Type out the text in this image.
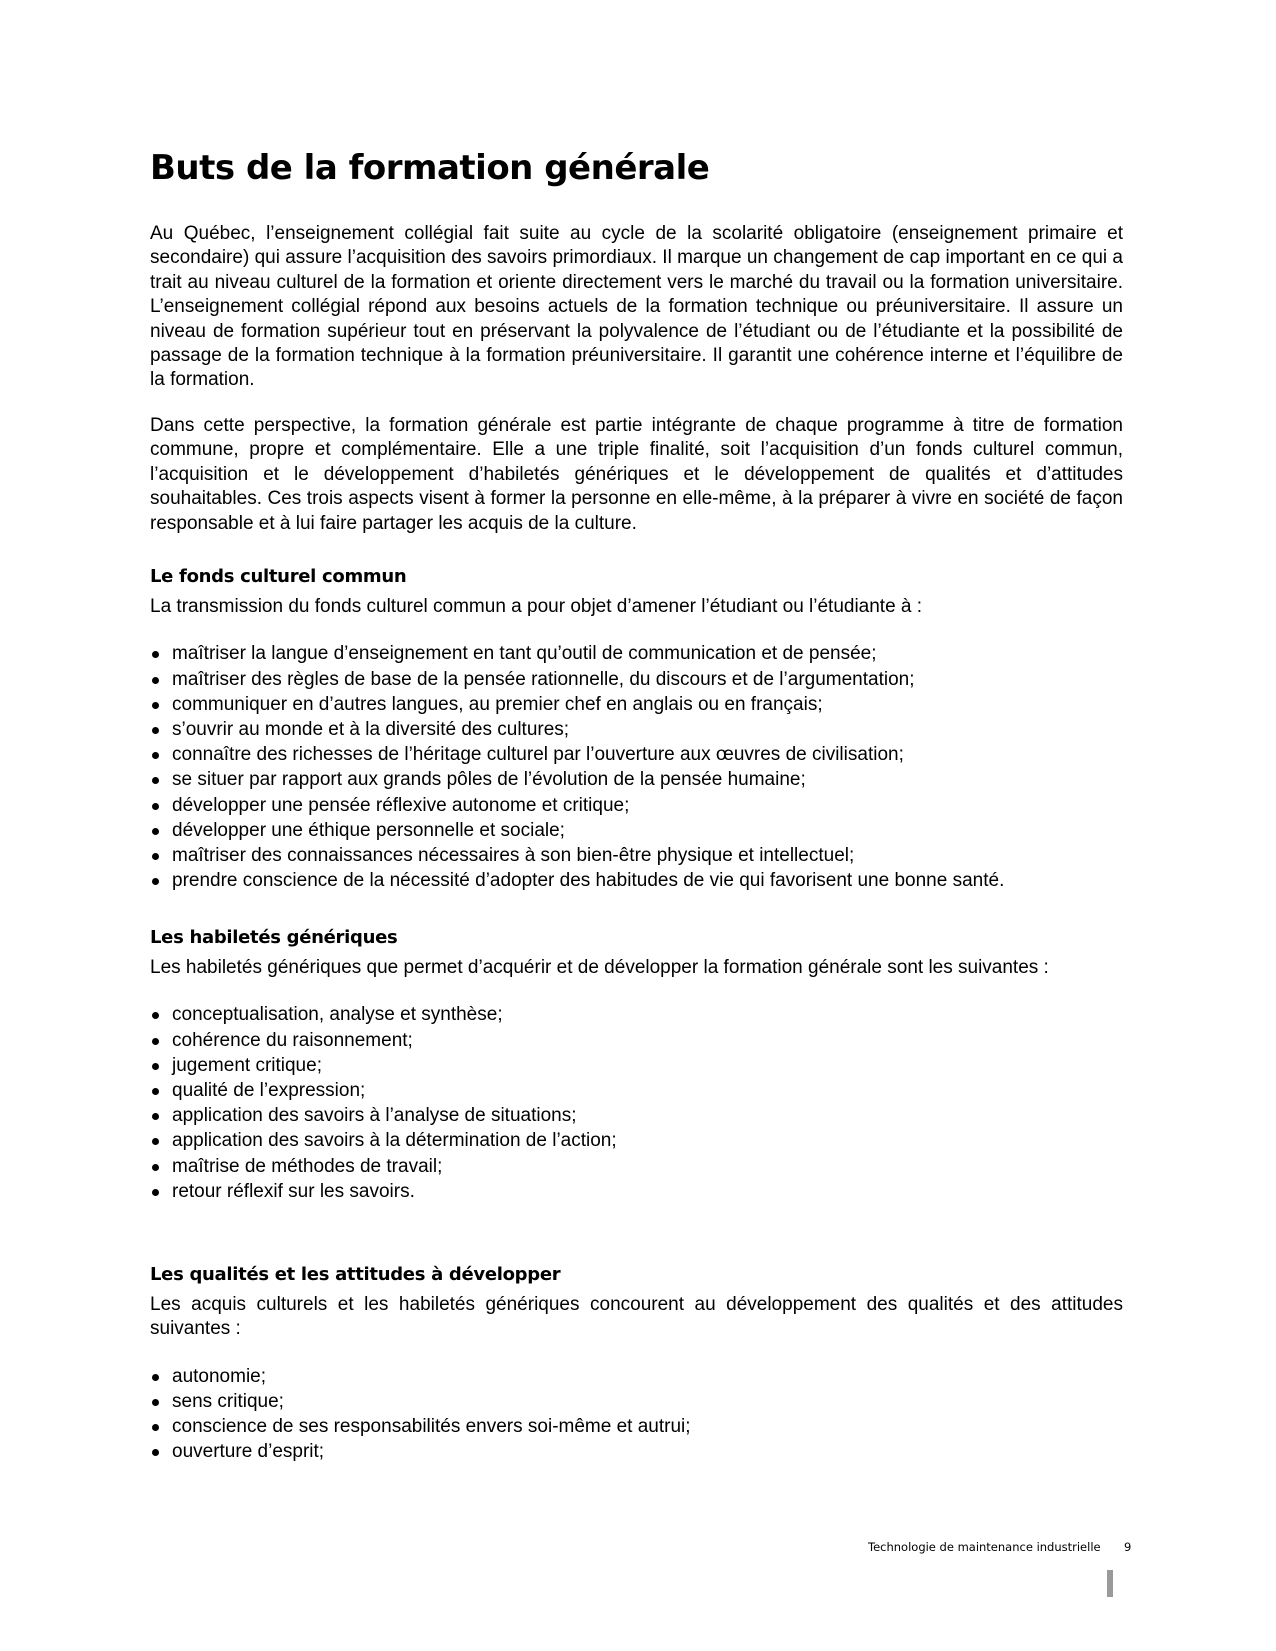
Buts de la formation générale

Au Québec, l’enseignement collégial fait suite au cycle de la scolarité obligatoire (enseignement primaire et secondaire) qui assure l’acquisition des savoirs primordiaux. Il marque un changement de cap important en ce qui a trait au niveau culturel de la formation et oriente directement vers le marché du travail ou la formation universitaire. L’enseignement collégial répond aux besoins actuels de la formation technique ou préuniversitaire. Il assure un niveau de formation supérieur tout en préservant la polyvalence de l’étudiant ou de l’étudiante et la possibilité de passage de la formation technique à la formation préuniversitaire. Il garantit une cohérence interne et l’équilibre de la formation.

Dans cette perspective, la formation générale est partie intégrante de chaque programme à titre de formation commune, propre et complémentaire. Elle a une triple finalité, soit l’acquisition d’un fonds culturel commun, l’acquisition et le développement d’habiletés génériques et le développement de qualités et d’attitudes souhaitables. Ces trois aspects visent à former la personne en elle-même, à la préparer à vivre en société de façon responsable et à lui faire partager les acquis de la culture.

Le fonds culturel commun

La transmission du fonds culturel commun a pour objet d’amener l’étudiant ou l’étudiante à :

maîtriser la langue d’enseignement en tant qu’outil de communication et de pensée;
maîtriser des règles de base de la pensée rationnelle, du discours et de l’argumentation;
communiquer en d’autres langues, au premier chef en anglais ou en français;
s’ouvrir au monde et à la diversité des cultures;
connaître des richesses de l’héritage culturel par l’ouverture aux œuvres de civilisation;
se situer par rapport aux grands pôles de l’évolution de la pensée humaine;
développer une pensée réflexive autonome et critique;
développer une éthique personnelle et sociale;
maîtriser des connaissances nécessaires à son bien-être physique et intellectuel;
prendre conscience de la nécessité d’adopter des habitudes de vie qui favorisent une bonne santé.
Les habiletés génériques

Les habiletés génériques que permet d’acquérir et de développer la formation générale sont les suivantes :

conceptualisation, analyse et synthèse;
cohérence du raisonnement;
jugement critique;
qualité de l’expression;
application des savoirs à l’analyse de situations;
application des savoirs à la détermination de l’action;
maîtrise de méthodes de travail;
retour réflexif sur les savoirs.
Les qualités et les attitudes à développer

Les acquis culturels et les habiletés génériques concourent au développement des qualités et des attitudes suivantes :

autonomie;
sens critique;
conscience de ses responsabilités envers soi-même et autrui;
ouverture d’esprit;
Technologie de maintenance industrielle 9
